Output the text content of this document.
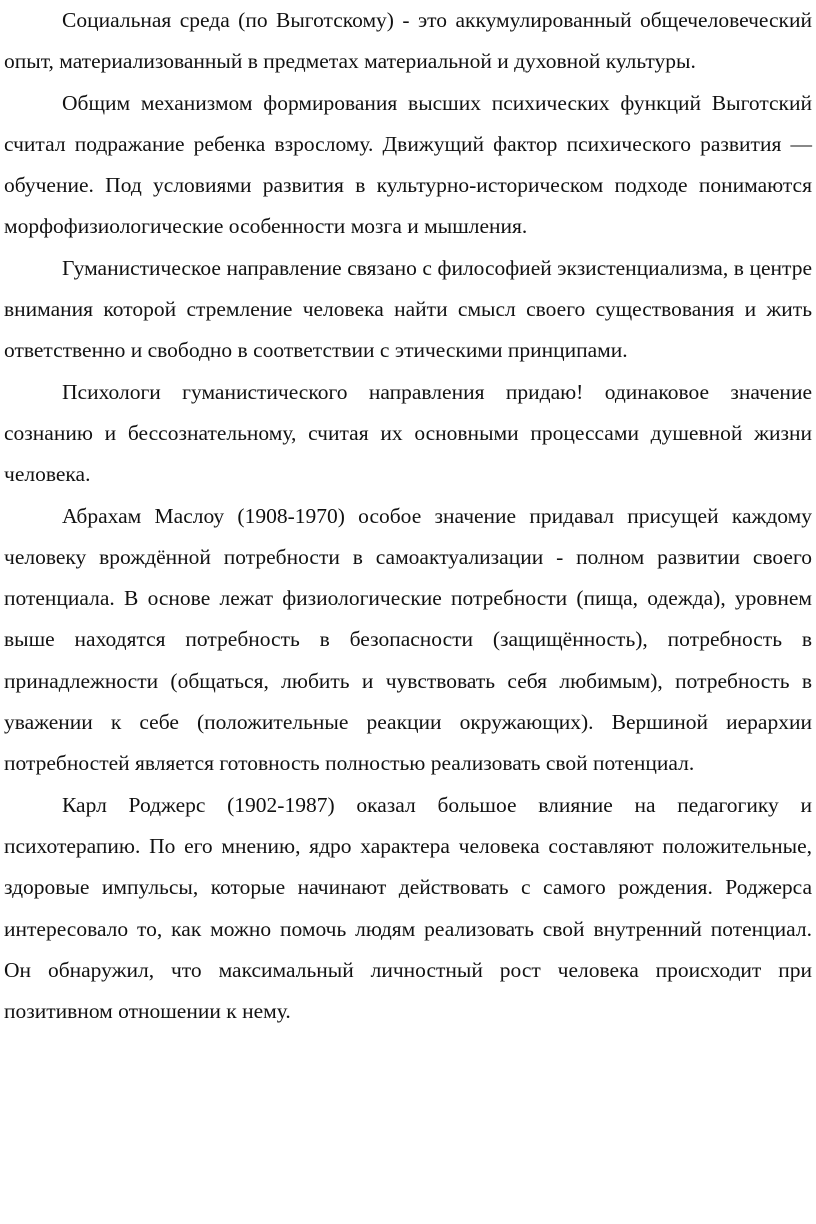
Социальная среда (по Выготскому) - это аккумулированный общечеловеческий опыт, материализованный в предметах материальной и духовной культуры.

Общим механизмом формирования высших психических функций Выготский считал подражание ребенка взрослому. Движущий фактор психического развития — обучение. Под условиями развития в культурно-историческом подходе понимаются морфофизиологические особенности мозга и мышления.

Гуманистическое направление связано с философией экзистенциализма, в центре внимания которой стремление человека найти смысл своего существования и жить ответственно и свободно в соответствии с этическими принципами.

Психологи гуманистического направления придаю! одинаковое значение сознанию и бессознательному, считая их основными процессами душевной жизни человека.

Абрахам Маслоу (1908-1970) особое значение придавал присущей каждому человеку врождённой потребности в самоактуализации - полном развитии своего потенциала. В основе лежат физиологические потребности (пища, одежда), уровнем выше находятся потребность в безопасности (защищённость), потребность в принадлежности (общаться, любить и чувствовать себя любимым), потребность в уважении к себе (положительные реакции окружающих). Вершиной иерархии потребностей является готовность полностью реализовать свой потенциал.

Карл Роджерс (1902-1987) оказал большое влияние на педагогику и психотерапию. По его мнению, ядро характера человека составляют положительные, здоровые импульсы, которые начинают действовать с самого рождения. Роджерса интересовало то, как можно помочь людям реализовать свой внутренний потенциал. Он обнаружил, что максимальный личностный рост человека происходит при позитивном отношении к нему.
